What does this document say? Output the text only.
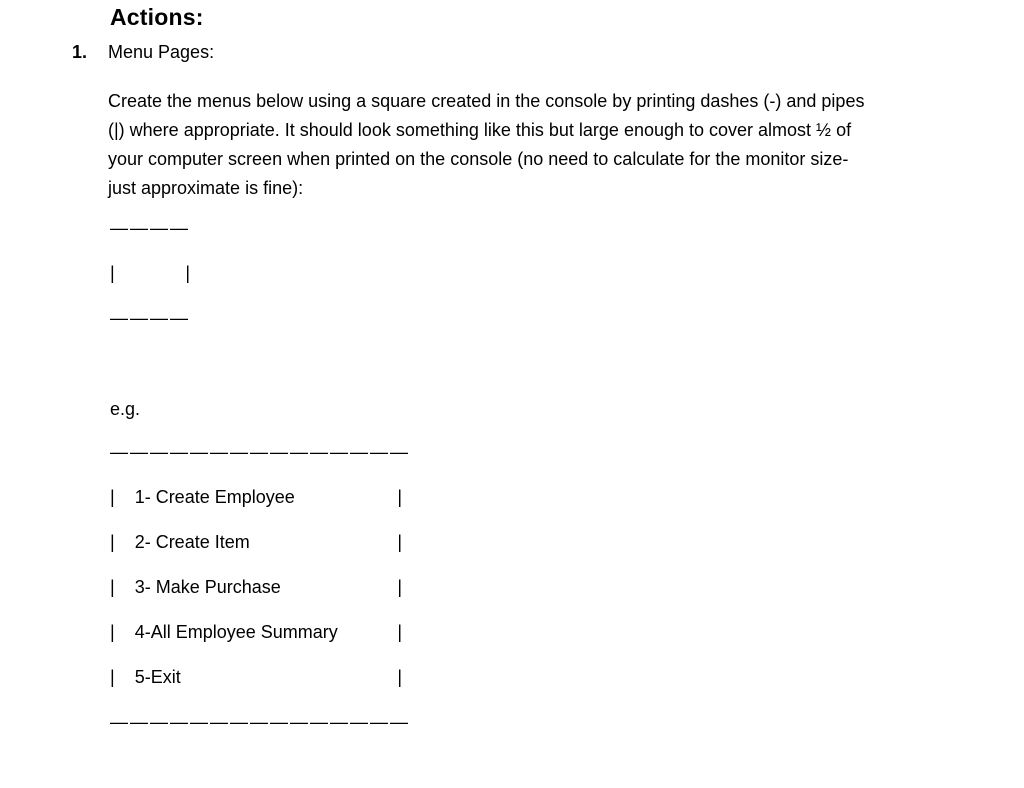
Actions:
1. Menu Pages:
Create the menus below using a square created in the console by printing dashes (-) and pipes
(|) where appropriate. It should look something like this but large enough to cover almost ½ of
your computer screen when printed on the console (no need to calculate for the monitor size-
just approximate is fine):
————
|	|
————
e.g.
———————————————
| 1- Create Employee	|
| 2- Create Item	|
| 3- Make Purchase	|
| 4-All Employee Summary	|
| 5-Exit	|
———————————————
